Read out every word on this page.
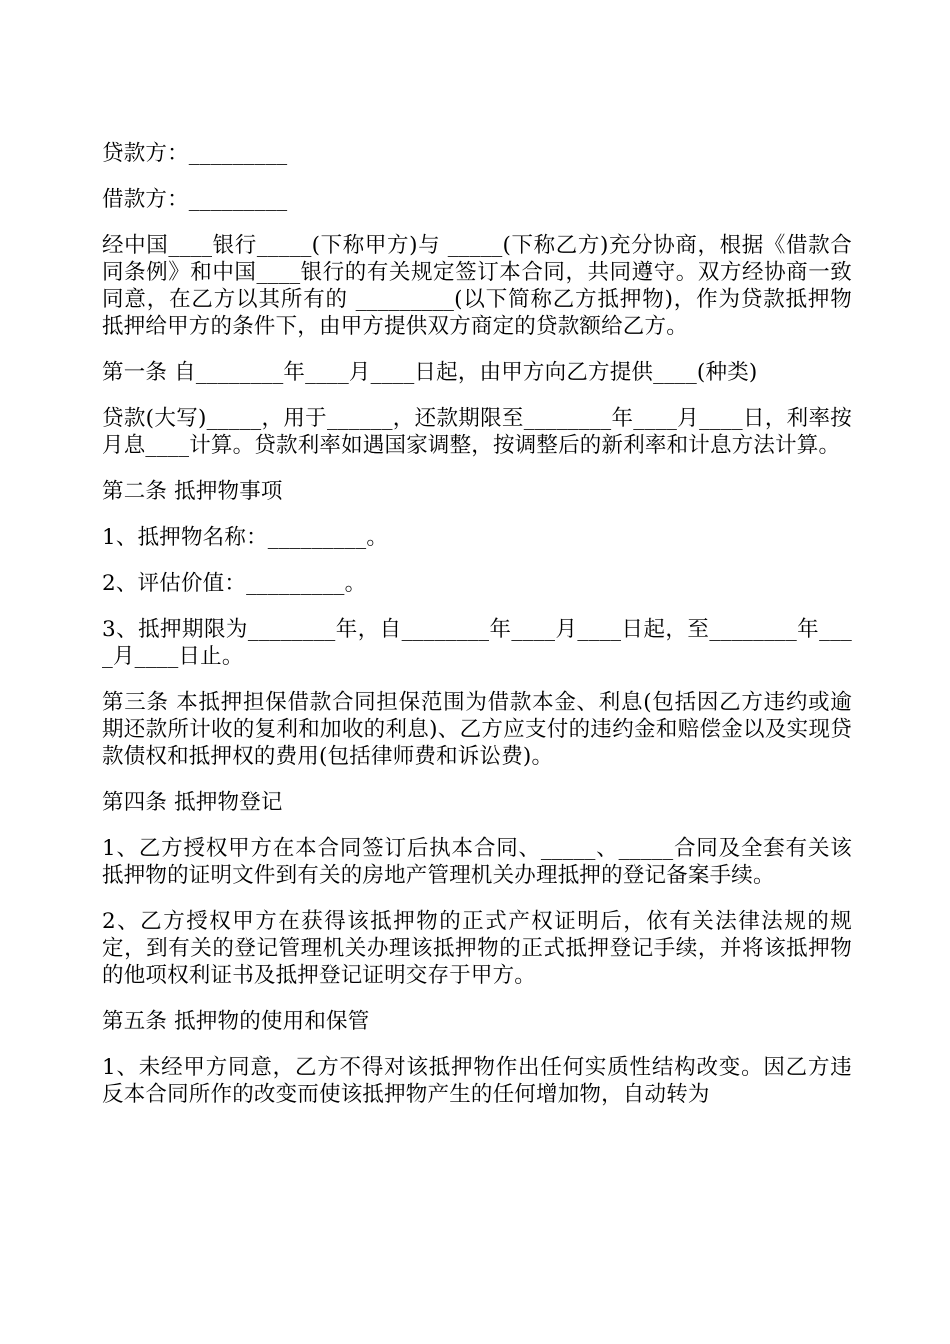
贷款方：_________

借款方：_________

经中国____银行_____(下称甲方)与 _____(下称乙方)充分协商，根据《借款合同条例》和中国____银行的有关规定签订本合同，共同遵守。双方经协商一致同意，在乙方以其所有的 _________(以下简称乙方抵押物)，作为贷款抵押物抵押给甲方的条件下，由甲方提供双方商定的贷款额给乙方。

第一条 自________年____月____日起，由甲方向乙方提供____(种类)

贷款(大写)_____，用于______，还款期限至________年____月____日，利率按月息____计算。贷款利率如遇国家调整，按调整后的新利率和计息方法计算。

第二条 抵押物事项

1、抵押物名称：_________。

2、评估价值：_________。

3、抵押期限为________年，自________年____月____日起，至________年____月____日止。

第三条 本抵押担保借款合同担保范围为借款本金、利息(包括因乙方违约或逾期还款所计收的复利和加收的利息)、乙方应支付的违约金和赔偿金以及实现贷款债权和抵押权的费用(包括律师费和诉讼费)。

第四条 抵押物登记

1、乙方授权甲方在本合同签订后执本合同、_____、_____合同及全套有关该抵押物的证明文件到有关的房地产管理机关办理抵押的登记备案手续。

2、乙方授权甲方在获得该抵押物的正式产权证明后，依有关法律法规的规定，到有关的登记管理机关办理该抵押物的正式抵押登记手续，并将该抵押物的他项权利证书及抵押登记证明交存于甲方。

第五条 抵押物的使用和保管

1、未经甲方同意，乙方不得对该抵押物作出任何实质性结构改变。因乙方违反本合同所作的改变而使该抵押物产生的任何增加物，自动转为
